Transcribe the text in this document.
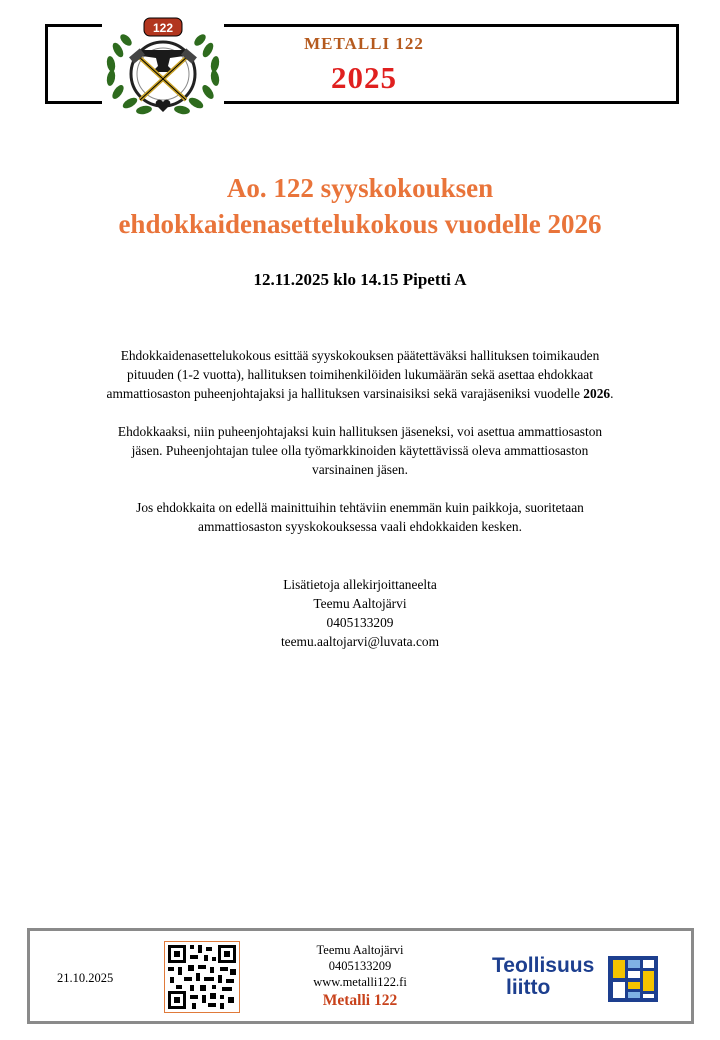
122
METALLI 122
2025
Ao. 122 syyskokouksen
ehdokkaidenasettelukokous vuodelle 2026
12.11.2025 klo 14.15 Pipetti A
Ehdokkaidenasettelukokous esittää syyskokouksen päätettäväksi hallituksen toimikauden
pituuden (1-2 vuotta), hallituksen toimihenkilöiden lukumäärän sekä asettaa ehdokkaat
ammattiosaston puheenjohtajaksi ja hallituksen varsinaisiksi sekä varajäseniksi vuodelle 2026.
Ehdokkaaksi, niin puheenjohtajaksi kuin hallituksen jäseneksi, voi asettua ammattiosaston
jäsen. Puheenjohtajan tulee olla työmarkkinoiden käytettävissä oleva ammattiosaston
varsinainen jäsen.
Jos ehdokkaita on edellä mainittuihin tehtäviin enemmän kuin paikkoja, suoritetaan
ammattiosaston syyskokouksessa vaali ehdokkaiden kesken.
Lisätietoja allekirjoittaneelta
Teemu Aaltojärvi
0405133209
teemu.aaltojarvi@luvata.com
21.10.2025
Teemu Aaltojärvi
0405133209
www.metalli122.fi
Metalli 122
Teollisuus
liitto
